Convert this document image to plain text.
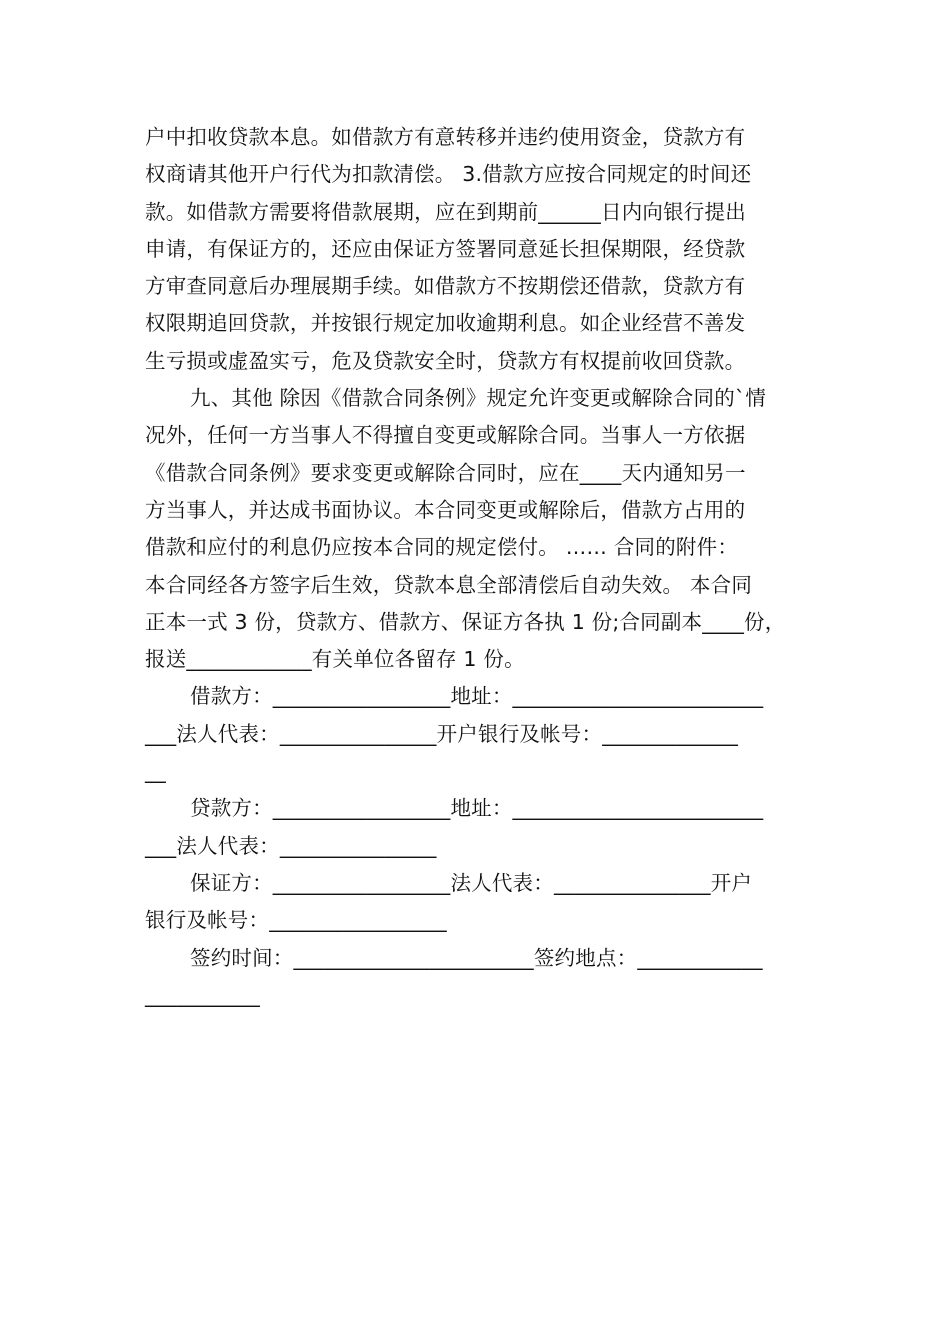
户中扣收贷款本息。如借款方有意转移并违约使用资金，贷款方有
权商请其他开户行代为扣款清偿。 3.借款方应按合同规定的时间还
款。如借款方需要将借款展期，应在到期前______日内向银行提出
申请，有保证方的，还应由保证方签署同意延长担保期限，经贷款
方审查同意后办理展期手续。如借款方不按期偿还借款，贷款方有
权限期追回贷款，并按银行规定加收逾期利息。如企业经营不善发
生亏损或虚盈实亏，危及贷款安全时，贷款方有权提前收回贷款。
九、其他 除因《借款合同条例》规定允许变更或解除合同的`情
况外，任何一方当事人不得擅自变更或解除合同。当事人一方依据
《借款合同条例》要求变更或解除合同时，应在____天内通知另一
方当事人，并达成书面协议。本合同变更或解除后，借款方占用的
借款和应付的利息仍应按本合同的规定偿付。 …… 合同的附件：
本合同经各方签字后生效，贷款本息全部清偿后自动失效。 本合同
正本一式 3 份，贷款方、借款方、保证方各执 1 份;合同副本____份，
报送____________有关单位各留存 1 份。
借款方：_________________地址：________________________
___法人代表：_______________开户银行及帐号：_____________
__
贷款方：_________________地址：________________________
___法人代表：_______________
保证方：_________________法人代表：_______________开户
银行及帐号：_________________
签约时间：_______________________签约地点：____________
___________
